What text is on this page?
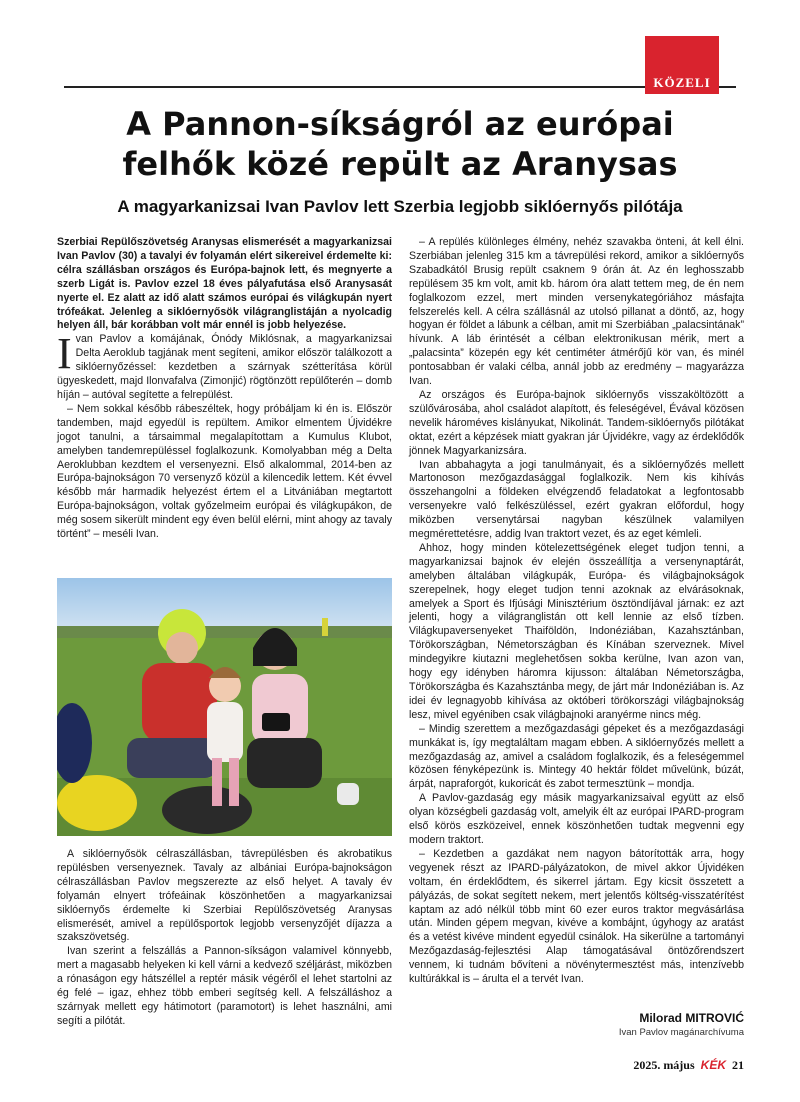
KÖZELI
A Pannon-síkságról az európai
felhők közé repült az Aranysas
A magyarkanizsai Ivan Pavlov lett Szerbia legjobb siklóernyős pilótája

Szerbiai Repülőszövetség Aranysas elismerését a magyarkanizsai Ivan Pavlov (30) a tavalyi év folyamán elért sikereivel érdemelte ki: célra szállásban országos és Európa-bajnok lett, és megnyerte a szerb Ligát is. Pavlov ezzel 18 éves pályafutása első Aranysasát nyerte el. Ez alatt az idő alatt számos európai és világkupán nyert trófeákat. Jelenleg a siklóernyősök világranglistáján a nyolcadig helyen áll, bár korábban volt már ennél is jobb helyezése.

Ivan Pavlov a komájának, Ónódy Miklósnak, a magyarkanizsai Delta Aeroklub tagjának ment segíteni, amikor először találkozott a siklóernyőzéssel: kezdetben a szárnyak szétterítása körül ügyeskedett, majd Ilonvafalva (Zimonjić) rögtönzött repülőterén – domb híján – autóval segítette a felrepülést.

– Nem sokkal később rábeszéltek, hogy próbáljam ki én is. Először tandemben, majd egyedül is repültem. Amikor elmentem Újvidékre jogot tanulni, a társaimmal megalapítottam a Kumulus Klubot, amelyben tandemrepüléssel foglalkozunk. Komolyabban még a Delta Aeroklubban kezdtem el versenyezni. Első alkalommal, 2014-ben az Európa-bajnokságon 70 versenyző közül a kilencedik lettem. Két évvel később már harmadik helyezést értem el a Litvániában megtartott Európa-bajnokságon, voltak győzelmeim európai és világkupákon, de még sosem sikerült mindent egy éven belül elérni, mint ahogy az tavaly történt” – meséli Ivan.

A siklóernyősök célraszállásban, távrepülésben és akrobatikus repülésben versenyeznek. Tavaly az albániai Európa-bajnokságon célraszállásban Pavlov megszerezte az első helyet. A tavaly év folyamán elnyert trófeáinak köszönhetően a magyarkanizsai siklóernyős érdemelte ki Szerbiai Repülőszövetség Aranysas elismerését, amivel a repülősportok legjobb versenyzőjét díjazza a szakszövetség.

Ivan szerint a felszállás a Pannon-síkságon valamivel könnyebb, mert a magasabb helyeken ki kell várni a kedvező széljárást, miközben a rónaságon egy hátszéllel a reptér másik végéről el lehet startolni az ég felé – igaz, ehhez több emberi segítség kell. A felszálláshoz a szárnyak mellett egy hátimotort (paramotort) is lehet használni, ami segíti a pilótát.

– A repülés különleges élmény, nehéz szavakba önteni, át kell élni. Szerbiában jelenleg 315 km a távrepülési rekord, amikor a siklóernyős Szabadkától Brusig repült csaknem 9 órán át. Az én leghosszabb repülésem 35 km volt, amit kb. három óra alatt tettem meg, de én nem foglalkozom ezzel, mert minden versenykategóriához másfajta felszerelés kell. A célra szállásnál az utolsó pillanat a döntő, az, hogy hogyan ér földet a lábunk a célban, amit mi Szerbiában „palacsintának” hívunk. A láb érintését a célban elektronikusan mérik, mert a „palacsinta” közepén egy két centiméter átmérőjű kör van, és minél pontosabban ér valaki célba, annál jobb az eredmény – magyarázza Ivan.

Az országos és Európa-bajnok siklóernyős visszaköltözött a szülővárosába, ahol családot alapított, és feleségével, Évával közösen nevelik hároméves kislányukat, Nikolinát. Tandem-siklóernyős pilótákat oktat, ezért a képzések miatt gyakran jár Újvidékre, vagy az érdeklődők jönnek Magyarkanizsára.

Ivan abbahagyta a jogi tanulmányait, és a siklóernyőzés mellett Martonoson mezőgazdasággal foglalkozik. Nem kis kihívás összehangolni a földeken elvégzendő feladatokat a legfontosabb versenyekre való felkészüléssel, ezért gyakran előfordul, hogy miközben versenytársai nagyban készülnek valamilyen megmérettetésre, addig Ivan traktort vezet, és az eget kémleli.

Ahhoz, hogy minden kötelezettségének eleget tudjon tenni, a magyarkanizsai bajnok év elején összeállítja a versenynaptárát, amelyben általában világkupák, Európa- és világbajnokságok szerepelnek, hogy eleget tudjon tenni azoknak az elvárásoknak, amelyek a Sport és Ifjúsági Minisztérium ösztöndíjával járnak: ez azt jelenti, hogy a világranglistán ott kell lennie az első tízben. Világkupaversenyeket Thaiföldön, Indonéziában, Kazahsztánban, Törökországban, Németországban és Kínában szerveznek. Mivel mindegyikre kiutazni meglehetősen sokba kerülne, Ivan azon van, hogy egy idényben háromra kijusson: általában Németországba, Törökországba és Kazahsztánba megy, de járt már Indonéziában is. Az idei év legnagyobb kihívása az októberi törökországi világbajnokság lesz, mivel egyéniben csak világbajnoki aranyérme nincs még.

– Mindig szerettem a mezőgazdasági gépeket és a mezőgazdasági munkákat is, így megtaláltam magam ebben. A siklóernyőzés mellett a mezőgazdaság az, amivel a családom foglalkozik, és a feleségemmel közösen fényképezünk is. Mintegy 40 hektár földet művelünk, búzát, árpát, napraforgót, kukoricát és zabot termesztünk – mondja.

A Pavlov-gazdaság egy másik magyarkanizsaival együtt az első olyan községbeli gazdaság volt, amelyik élt az európai IPARD-program első körös eszközeivel, ennek köszönhetően tudtak megvenni egy modern traktort.

– Kezdetben a gazdákat nem nagyon bátorították arra, hogy vegyenek részt az IPARD-pályázatokon, de mivel akkor Újvidéken voltam, én érdeklődtem, és sikerrel jártam. Egy kicsit összetett a pályázás, de sokat segített nekem, mert jelentős költség-visszatérítést kaptam az adó nélkül több mint 60 ezer euros traktor megvásárlása után. Minden gépem megvan, kivéve a kombájnt, úgyhogy az aratást és a vetést kivéve mindent egyedül csinálok. Ha sikerülne a tartományi Mezőgazdaság-fejlesztési Alap támogatásával öntözőrendszert vennem, ki tudnám bővíteni a növénytermesztést más, intenzívebb kultúrákkal is – árulta el a tervét Ivan.

Milorad MITROVIĆ
Ivan Pavlov magánarchívuma
2025. május KÉK 21
